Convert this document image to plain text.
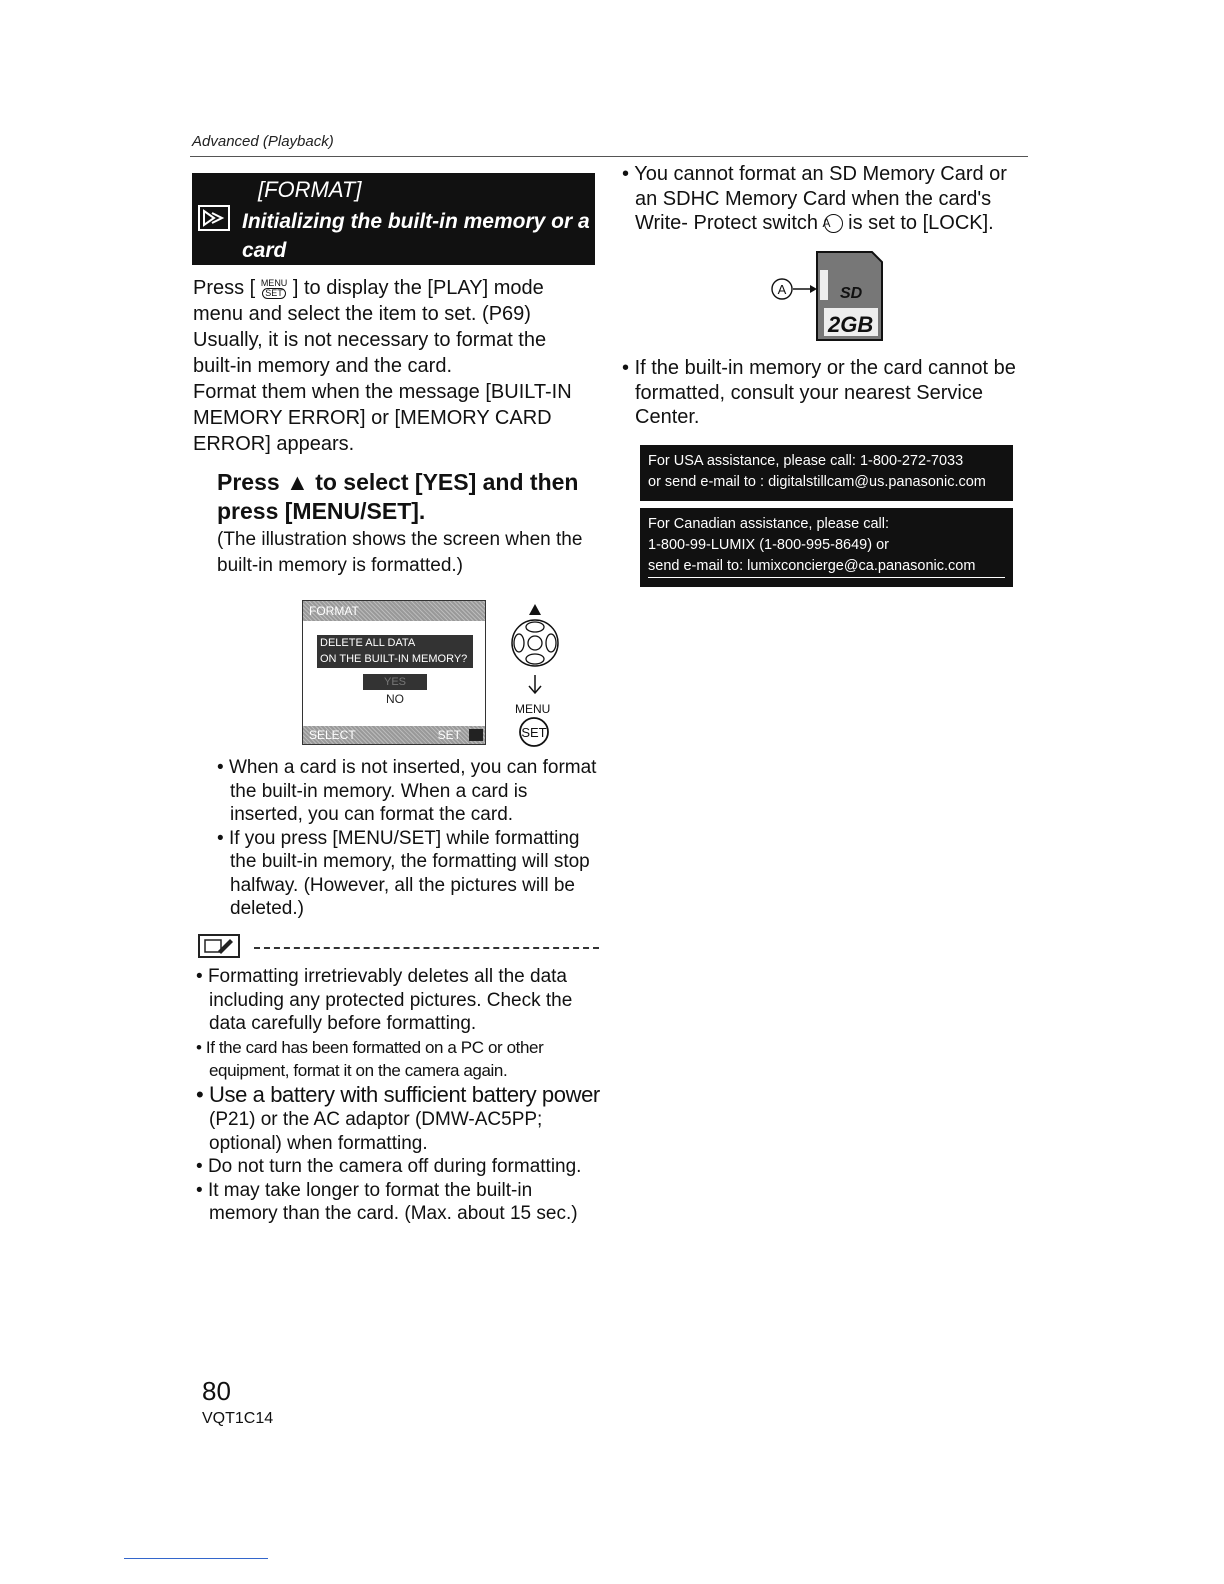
Advanced (Playback)
[FORMAT]
Initializing the built-in memory or a card
Press [ MENU
SET ] to display the [PLAY] mode menu and select the item to set. (P69)
Usually, it is not necessary to format the built-in memory and the card.
Format them when the message [BUILT-IN MEMORY ERROR] or [MEMORY CARD ERROR] appears.
Press ▲ to select [YES] and then press [MENU/SET].
(The illustration shows the screen when the built-in memory is formatted.)
FORMAT
DELETE ALL DATA
ON THE BUILT-IN MEMORY?
YES
NO
SELECT	SET	SET
MENU

• When a card is not inserted, you can format the built-in memory. When a card is inserted, you can format the card.

• If you press [MENU/SET] while formatting the built-in memory, the formatting will stop halfway. (However, all the pictures will be deleted.)

• Formatting irretrievably deletes all the data including any protected pictures. Check the data carefully before formatting.

• If the card has been formatted on a PC or other equipment, format it on the camera again.

• Use a battery with sufficient battery power
(P21) or the AC adaptor (DMW-AC5PP; optional) when formatting.

• Do not turn the camera off during formatting.

• It may take longer to format the built-in memory than the card. (Max. about 15 sec.)

• You cannot format an SD Memory Card or an SDHC Memory Card when the card's Write- Protect switch A is set to [LOCK].

A	SD
2GB

• If the built-in memory or the card cannot be formatted, consult your nearest Service Center.

For USA assistance, please call: 1-800-272-7033
or send e-mail to : digitalstillcam@us.panasonic.com
For Canadian assistance, please call:
1-800-99-LUMIX (1-800-995-8649) or
send e-mail to: lumixconcierge@ca.panasonic.com
80
VQT1C14
